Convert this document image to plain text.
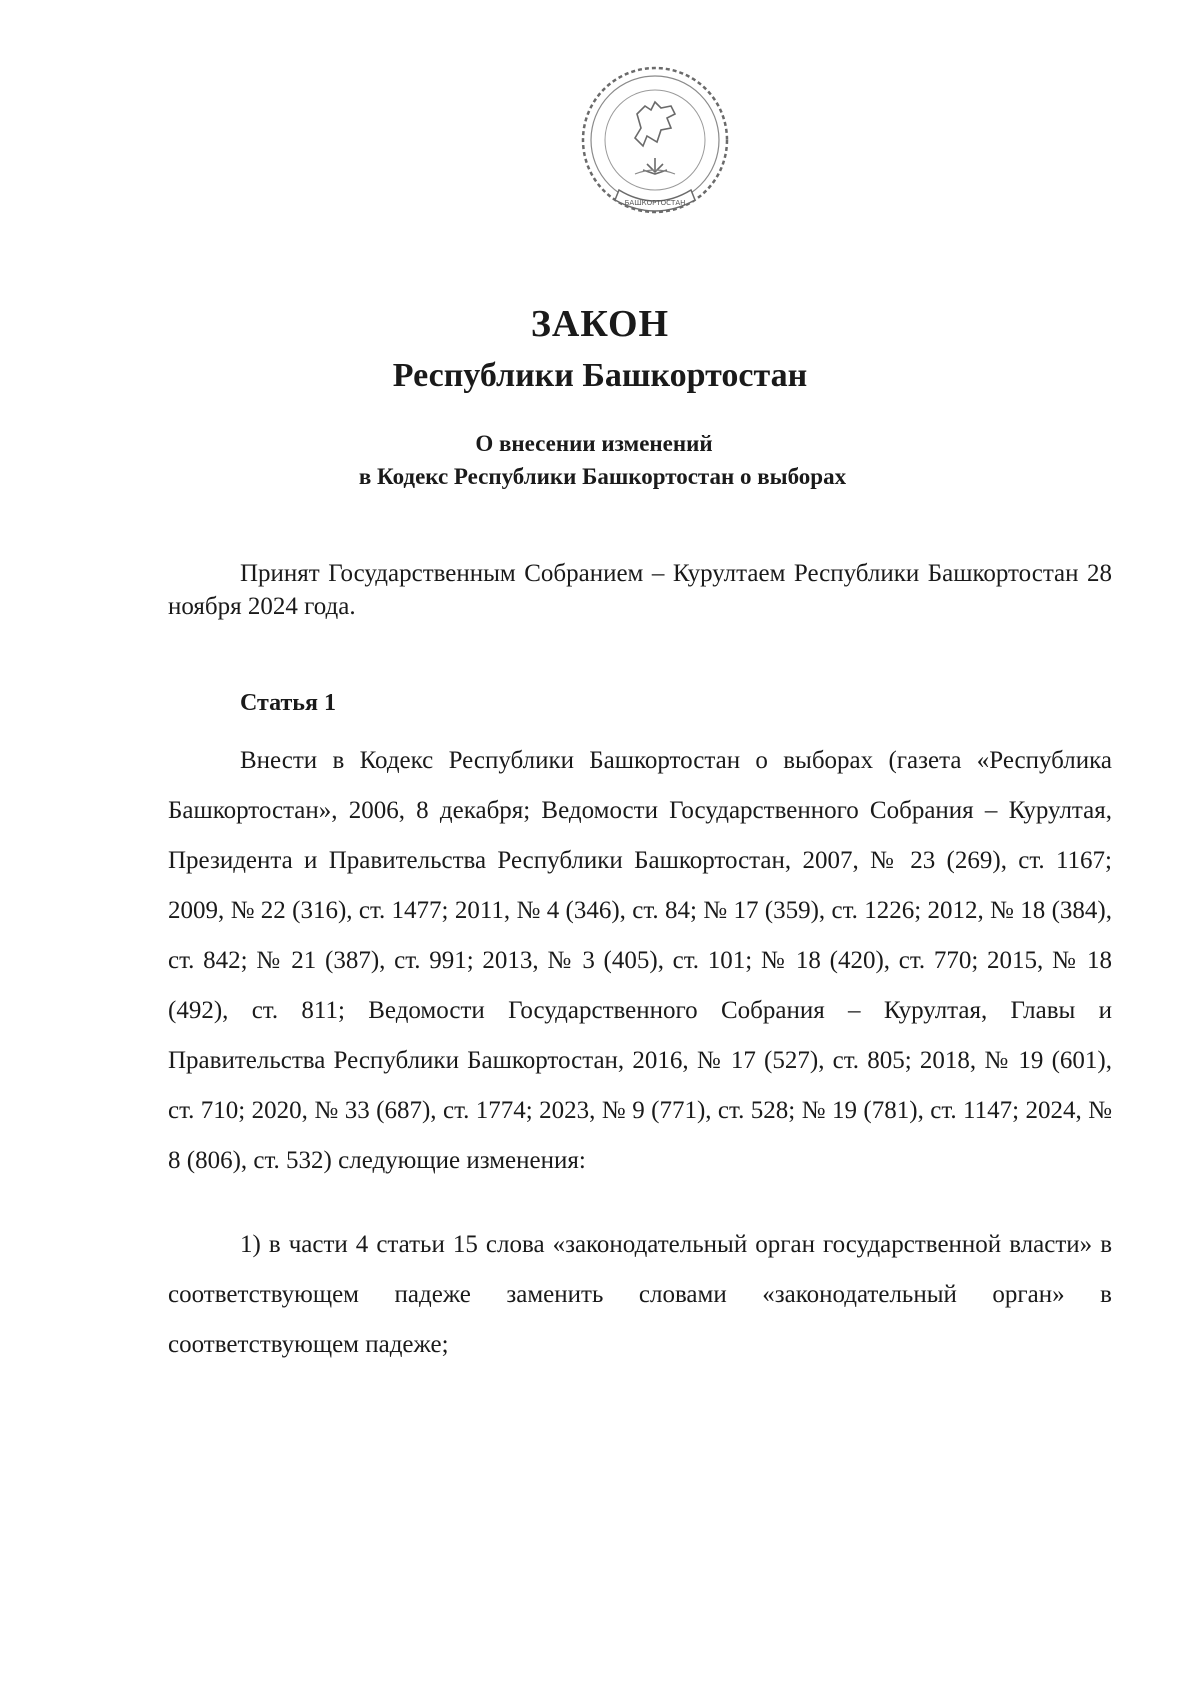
БАШКОРТОСТАН
ЗАКОН
Республики Башкортостан
О внесении изменений
в Кодекс Республики Башкортостан о выборах
Принят Государственным Собранием – Курултаем Республики Башкортостан 28 ноября 2024 года.
Статья 1
Внести в Кодекс Республики Башкортостан о выборах (газета «Республика Башкортостан», 2006, 8 декабря; Ведомости Государственного Собрания – Курултая, Президента и Правительства Республики Башкортостан, 2007, № 23 (269), ст. 1167; 2009, № 22 (316), ст. 1477; 2011, № 4 (346), ст. 84; № 17 (359), ст. 1226; 2012, № 18 (384), ст. 842; № 21 (387), ст. 991; 2013, № 3 (405), ст. 101; № 18 (420), ст. 770; 2015, № 18 (492), ст. 811; Ведомости Государственного Собрания – Курултая, Главы и Правительства Республики Башкортостан, 2016, № 17 (527), ст. 805; 2018, № 19 (601), ст. 710; 2020, № 33 (687), ст. 1774; 2023, № 9 (771), ст. 528; № 19 (781), ст. 1147; 2024, № 8 (806), ст. 532) следующие изменения:
1) в части 4 статьи 15 слова «законодательный орган государственной власти» в соответствующем падеже заменить словами «законодательный орган» в соответствующем падеже;
